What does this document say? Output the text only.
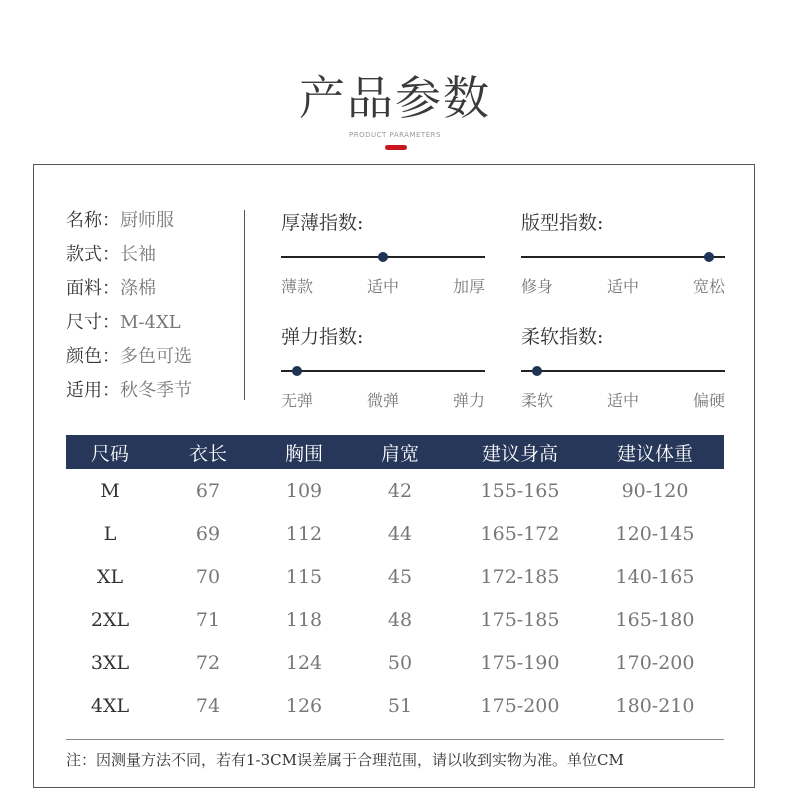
产品参数
PRODUCT PARAMETERS
名称：厨师服
款式：长袖
面料：涤棉
尺寸：M-4XL
颜色：多色可选
适用：秋冬季节
厚薄指数:
薄款	适中	加厚
版型指数:
修身	适中	宽松
弹力指数:
无弹	微弹	弹力
柔软指数:
柔软	适中	偏硬
尺码	衣长	胸围	肩宽	建议身高	建议体重
M	67	109	42	155-165	90-120
L	69	112	44	165-172	120-145
XL	70	115	45	172-185	140-165
2XL	71	118	48	175-185	165-180
3XL	72	124	50	175-190	170-200
4XL	74	126	51	175-200	180-210
注：因测量方法不同，若有1-3CM误差属于合理范围，请以收到实物为准。单位CM
